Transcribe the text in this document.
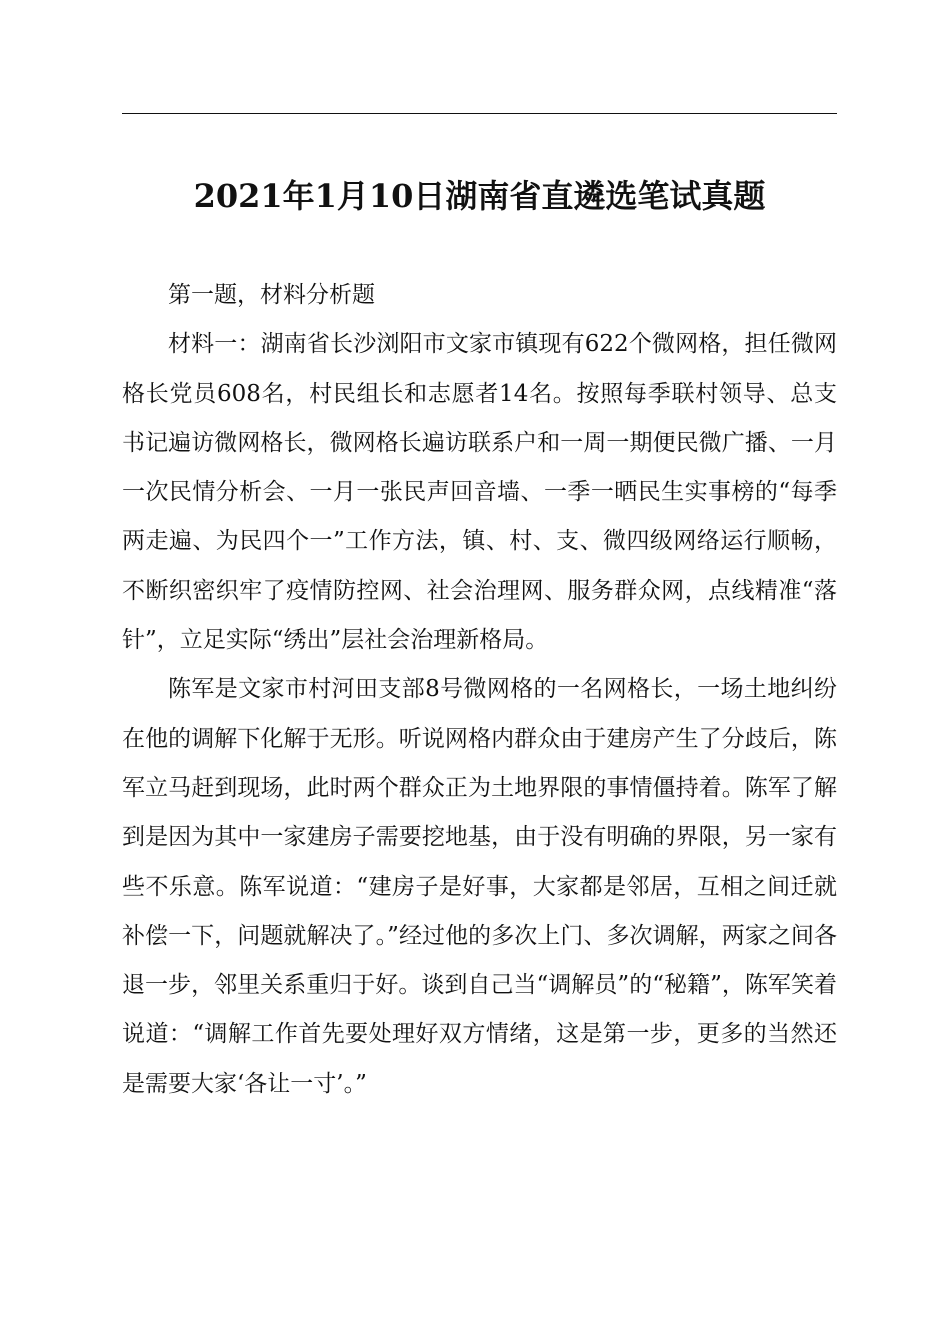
2021年1月10日湖南省直遴选笔试真题

第一题，材料分析题

材料一：湖南省长沙浏阳市文家市镇现有622个微网格，担任微网格长党员608名，村民组长和志愿者14名。按照每季联村领导、总支书记遍访微网格长，微网格长遍访联系户和一周一期便民微广播、一月一次民情分析会、一月一张民声回音墙、一季一晒民生实事榜的“每季两走遍、为民四个一”工作方法，镇、村、支、微四级网络运行顺畅，不断织密织牢了疫情防控网、社会治理网、服务群众网，点线精准“落针”，立足实际“绣出”层社会治理新格局。

陈军是文家市村河田支部8号微网格的一名网格长，一场土地纠纷在他的调解下化解于无形。听说网格内群众由于建房产生了分歧后，陈军立马赶到现场，此时两个群众正为土地界限的事情僵持着。陈军了解到是因为其中一家建房子需要挖地基，由于没有明确的界限，另一家有些不乐意。陈军说道：“建房子是好事，大家都是邻居，互相之间迁就补偿一下，问题就解决了。”经过他的多次上门、多次调解，两家之间各退一步，邻里关系重归于好。谈到自己当“调解员”的“秘籍”，陈军笑着说道：“调解工作首先要处理好双方情绪，这是第一步，更多的当然还是需要大家‘各让一寸’。”
